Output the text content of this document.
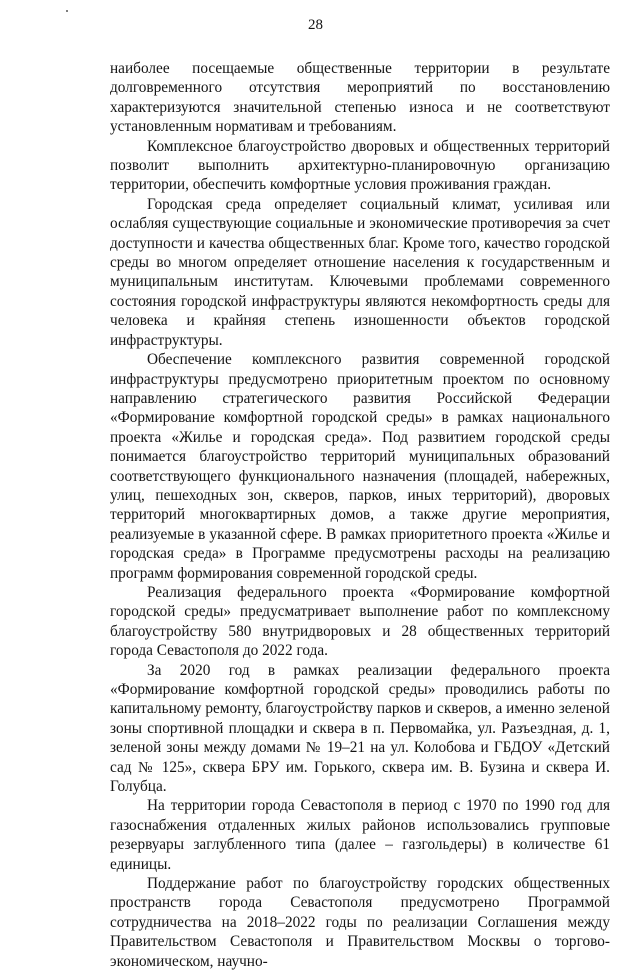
28

наиболее посещаемые общественные территории в результате долговременного отсутствия мероприятий по восстановлению характеризуются значительной степенью износа и не соответствуют установленным нормативам и требованиям.

Комплексное благоустройство дворовых и общественных территорий позволит выполнить архитектурно-планировочную организацию территории, обеспечить комфортные условия проживания граждан.

Городская среда определяет социальный климат, усиливая или ослабляя существующие социальные и экономические противоречия за счет доступности и качества общественных благ. Кроме того, качество городской среды во многом определяет отношение населения к государственным и муниципальным институтам. Ключевыми проблемами современного состояния городской инфраструктуры являются некомфортность среды для человека и крайняя степень изношенности объектов городской инфраструктуры.

Обеспечение комплексного развития современной городской инфраструктуры предусмотрено приоритетным проектом по основному направлению стратегического развития Российской Федерации «Формирование комфортной городской среды» в рамках национального проекта «Жилье и городская среда». Под развитием городской среды понимается благоустройство территорий муниципальных образований соответствующего функционального назначения (площадей, набережных, улиц, пешеходных зон, скверов, парков, иных территорий), дворовых территорий многоквартирных домов, а также другие мероприятия, реализуемые в указанной сфере. В рамках приоритетного проекта «Жилье и городская среда» в Программе предусмотрены расходы на реализацию программ формирования современной городской среды.

Реализация федерального проекта «Формирование комфортной городской среды» предусматривает выполнение работ по комплексному благоустройству 580 внутридворовых и 28 общественных территорий города Севастополя до 2022 года.

За 2020 год в рамках реализации федерального проекта «Формирование комфортной городской среды» проводились работы по капитальному ремонту, благоустройству парков и скверов, а именно зеленой зоны спортивной площадки и сквера в п. Первомайка, ул. Разъездная, д. 1, зеленой зоны между домами № 19–21 на ул. Колобова и ГБДОУ «Детский сад № 125», сквера БРУ им. Горького, сквера им. В. Бузина и сквера И. Голубца.

На территории города Севастополя в период с 1970 по 1990 год для газоснабжения отдаленных жилых районов использовались групповые резервуары заглубленного типа (далее – газгольдеры) в количестве 61 единицы.

Поддержание работ по благоустройству городских общественных пространств города Севастополя предусмотрено Программой сотрудничества на 2018–2022 годы по реализации Соглашения между Правительством Севастополя и Правительством Москвы о торгово-экономическом, научно-
